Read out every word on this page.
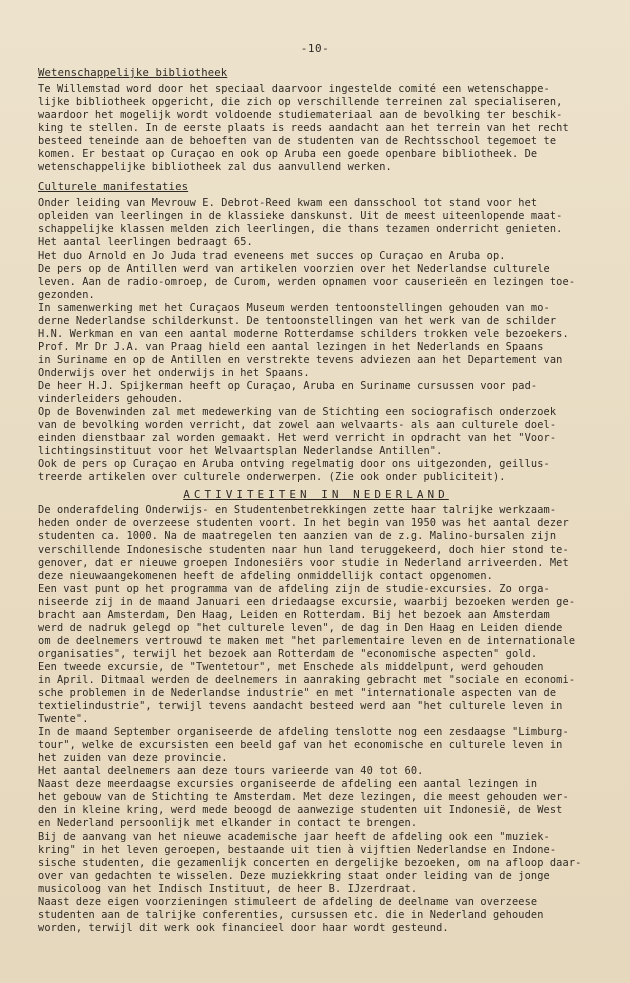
-10-

Wetenschappelijke bibliotheek

Te Willemstad word door het speciaal daarvoor ingestelde comité een wetenschappe-
lijke bibliotheek opgericht, die zich op verschillende terreinen zal specialiseren,
waardoor het mogelijk wordt voldoende studiemateriaal aan de bevolking ter beschik-
king te stellen. In de eerste plaats is reeds aandacht aan het terrein van het recht
besteed teneinde aan de behoeften van de studenten van de Rechtsschool tegemoet te
komen. Er bestaat op Curaçao en ook op Aruba een goede openbare bibliotheek. De
wetenschappelijke bibliotheek zal dus aanvullend werken.

Culturele manifestaties

Onder leiding van Mevrouw E. Debrot-Reed kwam een dansschool tot stand voor het
opleiden van leerlingen in de klassieke danskunst. Uit de meest uiteenlopende maat-
schappelijke klassen melden zich leerlingen, die thans tezamen onderricht genieten.
Het aantal leerlingen bedraagt 65.

Het duo Arnold en Jo Juda trad eveneens met succes op Curaçao en Aruba op.

De pers op de Antillen werd van artikelen voorzien over het Nederlandse culturele
leven. Aan de radio-omroep, de Curom, werden opnamen voor causerieën en lezingen toe-
gezonden.

In samenwerking met het Curaçaos Museum werden tentoonstellingen gehouden van mo-
derne Nederlandse schilderkunst. De tentoonstellingen van het werk van de schilder
H.N. Werkman en van een aantal moderne Rotterdamse schilders trokken vele bezoekers.
Prof. Mr Dr J.A. van Praag hield een aantal lezingen in het Nederlands en Spaans
in Suriname en op de Antillen en verstrekte tevens adviezen aan het Departement van
Onderwijs over het onderwijs in het Spaans.

De heer H.J. Spijkerman heeft op Curaçao, Aruba en Suriname cursussen voor pad-
vinderleiders gehouden.

Op de Bovenwinden zal met medewerking van de Stichting een sociografisch onderzoek
van de bevolking worden verricht, dat zowel aan welvaarts- als aan culturele doel-
einden dienstbaar zal worden gemaakt. Het werd verricht in opdracht van het "Voor-
lichtingsinstituut voor het Welvaartsplan Nederlandse Antillen".

Ook de pers op Curaçao en Aruba ontving regelmatig door ons uitgezonden, geillus-
treerde artikelen over culturele onderwerpen. (Zie ook onder publiciteit).

ACTIVITEITEN IN NEDERLAND

De onderafdeling Onderwijs- en Studentenbetrekkingen zette haar talrijke werkzaam-
heden onder de overzeese studenten voort. In het begin van 1950 was het aantal dezer
studenten ca. 1000. Na de maatregelen ten aanzien van de z.g. Malino-bursalen zijn
verschillende Indonesische studenten naar hun land teruggekeerd, doch hier stond te-
genover, dat er nieuwe groepen Indonesiërs voor studie in Nederland arriveerden. Met
deze nieuwaangekomenen heeft de afdeling onmiddellijk contact opgenomen.

Een vast punt op het programma van de afdeling zijn de studie-excursies. Zo orga-
niseerde zij in de maand Januari een driedaagse excursie, waarbij bezoeken werden ge-
bracht aan Amsterdam, Den Haag, Leiden en Rotterdam. Bij het bezoek aan Amsterdam
werd de nadruk gelegd op "het culturele leven", de dag in Den Haag en Leiden diende
om de deelnemers vertrouwd te maken met "het parlementaire leven en de internationale
organisaties", terwijl het bezoek aan Rotterdam de "economische aspecten" gold.

Een tweede excursie, de "Twentetour", met Enschede als middelpunt, werd gehouden
in April. Ditmaal werden de deelnemers in aanraking gebracht met "sociale en economi-
sche problemen in de Nederlandse industrie" en met "internationale aspecten van de
textielindustrie", terwijl tevens aandacht besteed werd aan "het culturele leven in
Twente".

In de maand September organiseerde de afdeling tenslotte nog een zesdaagse "Limburg-
tour", welke de excursisten een beeld gaf van het economische en culturele leven in
het zuiden van deze provincie.

Het aantal deelnemers aan deze tours varieerde van 40 tot 60.

Naast deze meerdaagse excursies organiseerde de afdeling een aantal lezingen in
het gebouw van de Stichting te Amsterdam. Met deze lezingen, die meest gehouden wer-
den in kleine kring, werd mede beoogd de aanwezige studenten uit Indonesië, de West
en Nederland persoonlijk met elkander in contact te brengen.

Bij de aanvang van het nieuwe academische jaar heeft de afdeling ook een "muziek-
kring" in het leven geroepen, bestaande uit tien à vijftien Nederlandse en Indone-
sische studenten, die gezamenlijk concerten en dergelijke bezoeken, om na afloop daar-
over van gedachten te wisselen. Deze muziekkring staat onder leiding van de jonge
musicoloog van het Indisch Instituut, de heer B. IJzerdraat.

Naast deze eigen voorzieningen stimuleert de afdeling de deelname van overzeese
studenten aan de talrijke conferenties, cursussen etc. die in Nederland gehouden
worden, terwijl dit werk ook financieel door haar wordt gesteund.
